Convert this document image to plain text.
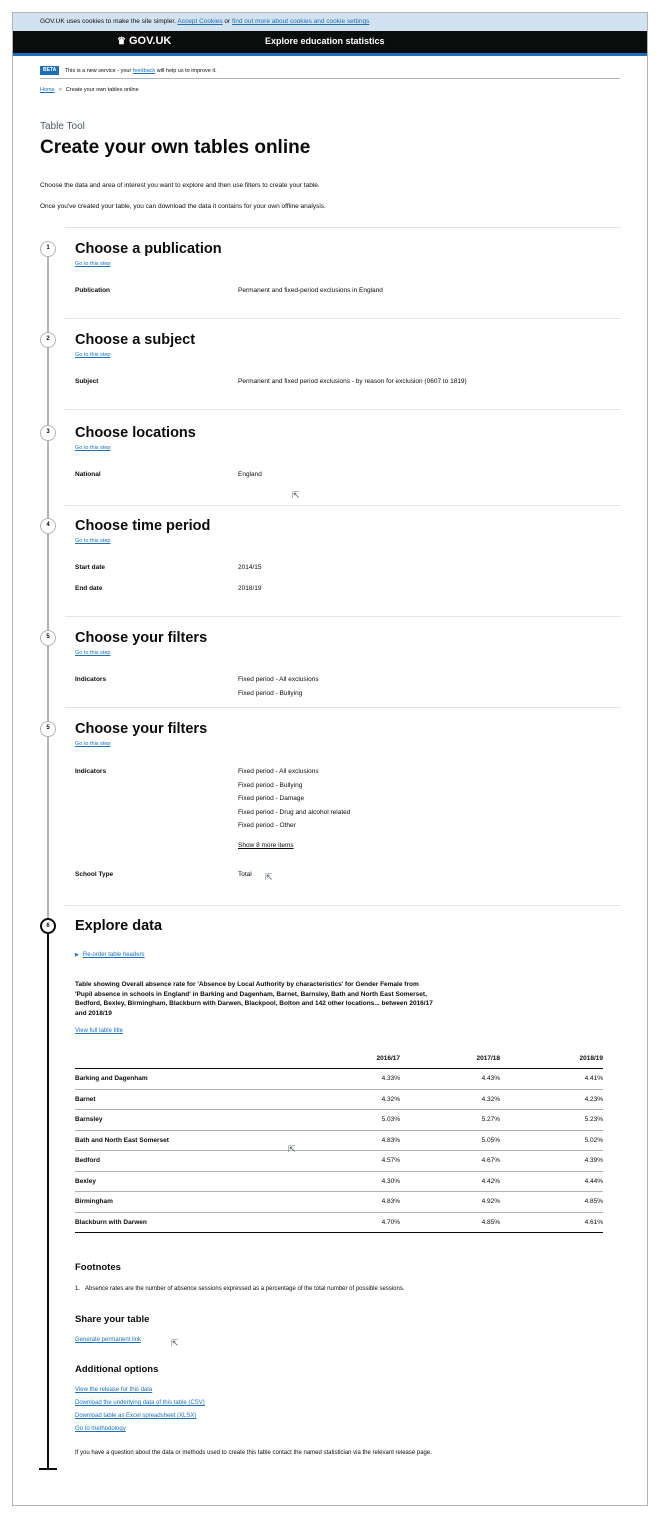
GOV.UK uses cookies to make the site simpler. Accept Cookies or find out more about cookies and cookie settings
♛ GOV.UK	Explore education statistics
BETA This is a new service - your feedback will help us to improve it.
Home > Create your own tables online
Table Tool
Create your own tables online

Choose the data and area of interest you want to explore and then use filters to create your table.

Once you've created your table, you can download the data it contains for your own offline analysis.

1	Choose a publication
Go to this step
Publication	Permanent and fixed-period exclusions in England
2	Choose a subject
Go to this step
Subject	Permanent and fixed period exclusions - by reason for exclusion (0607 to 1819)
3	Choose locations
Go to this step
National	England
4	Choose time period
Go to this step
Start date	2014/15
End date	2018/19
5	Choose your filters
Go to this step
Indicators	Fixed period - All exclusions
Fixed period - Bullying
5	Choose your filters
Go to this step
Indicators	Fixed period - All exclusions
Fixed period - Bullying
Fixed period - Damage
Fixed period - Drug and alcohol related
Fixed period - Other
Show 8 more items
School Type	Total
6	Explore data
▶ Re-order table headers

Table showing Overall absence rate for 'Absence by Local Authority by characteristics' for Gender Female from 'Pupil absence in schools in England' in Barking and Dagenham, Barnet, Barnsley, Bath and North East Somerset, Bedford, Bexley, Birmingham, Blackburn with Darwen, Blackpool, Bolton and 142 other locations... between 2016/17 and 2018/19

View full table title
	2016/17	2017/18	2018/19
Barking and Dagenham	4.33%	4.43%	4.41%
Barnet	4.32%	4.32%	4.23%
Barnsley	5.03%	5.27%	5.23%
Bath and North East Somerset	4.83%	5.05%	5.02%
Bedford	4.57%	4.67%	4.39%
Bexley	4.30%	4.42%	4.44%
Birmingham	4.83%	4.92%	4.85%
Blackburn with Darwen	4.70%	4.85%	4.61%
Footnotes
1. Absence rates are the number of absence sessions expressed as a percentage of the total number of possible sessions.
Share your table
Generate permanent link
Additional options
View the release for this data
Download the underlying data of this table (CSV)
Download table as Excel spreadsheet (XLSX)
Go to methodology

If you have a question about the data or methods used to create this table contact the named statistician via the relevant release page.

⇱
⇱
⇱
⇱
